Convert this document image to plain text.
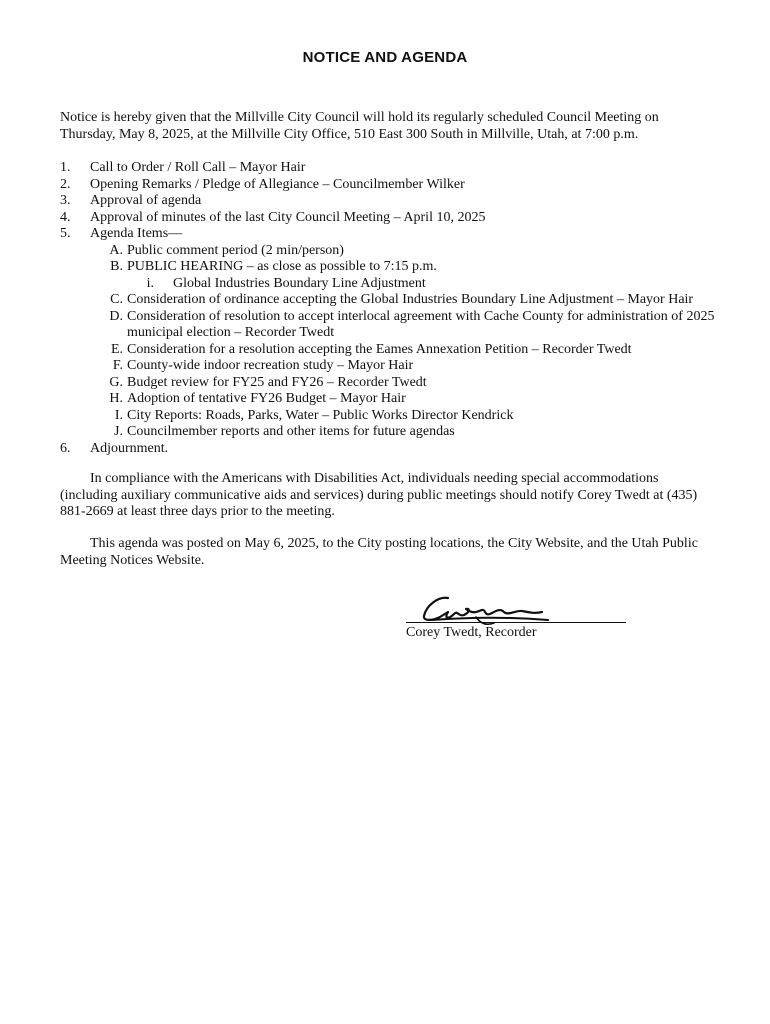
NOTICE AND AGENDA
Notice is hereby given that the Millville City Council will hold its regularly scheduled Council Meeting on Thursday, May 8, 2025, at the Millville City Office, 510 East 300 South in Millville, Utah, at 7:00 p.m.
1. Call to Order / Roll Call – Mayor Hair
2. Opening Remarks / Pledge of Allegiance – Councilmember Wilker
3. Approval of agenda
4. Approval of minutes of the last City Council Meeting – April 10, 2025
5. Agenda Items—
A. Public comment period (2 min/person)
B. PUBLIC HEARING – as close as possible to 7:15 p.m.
i. Global Industries Boundary Line Adjustment
C. Consideration of ordinance accepting the Global Industries Boundary Line Adjustment – Mayor Hair
D. Consideration of resolution to accept interlocal agreement with Cache County for administration of 2025 municipal election – Recorder Twedt
E. Consideration for a resolution accepting the Eames Annexation Petition – Recorder Twedt
F. County-wide indoor recreation study – Mayor Hair
G. Budget review for FY25 and FY26 – Recorder Twedt
H. Adoption of tentative FY26 Budget – Mayor Hair
I. City Reports: Roads, Parks, Water – Public Works Director Kendrick
J. Councilmember reports and other items for future agendas
6. Adjournment.
In compliance with the Americans with Disabilities Act, individuals needing special accommodations (including auxiliary communicative aids and services) during public meetings should notify Corey Twedt at (435) 881-2669 at least three days prior to the meeting.
This agenda was posted on May 6, 2025, to the City posting locations, the City Website, and the Utah Public Meeting Notices Website.
Corey Twedt, Recorder
